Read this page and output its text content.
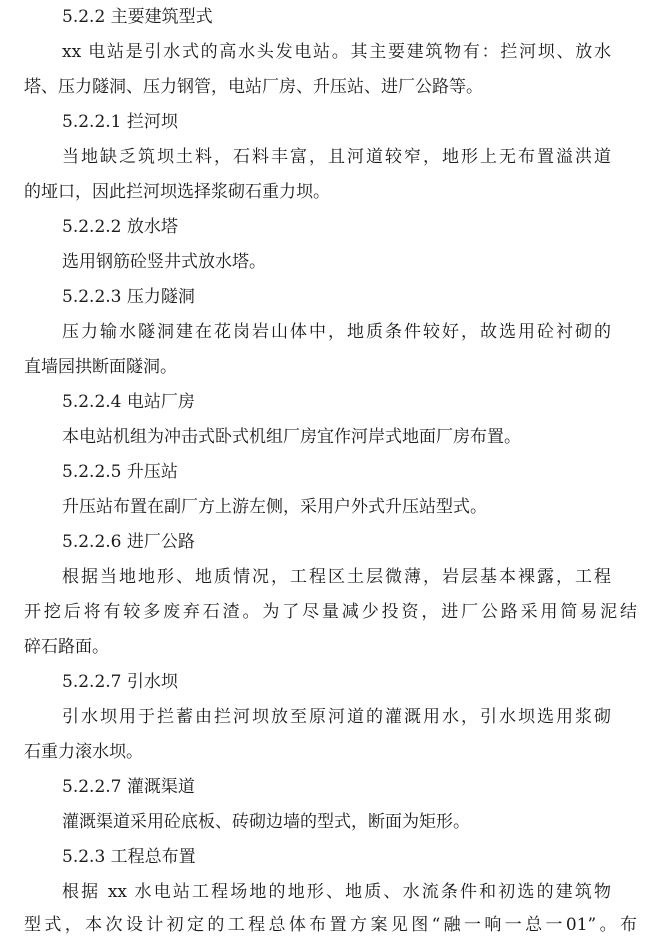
5.2.2 主要建筑型式
xx 电站是引水式的高水头发电站。其主要建筑物有：拦河坝、放水
塔、压力隧洞、压力钢管，电站厂房、升压站、进厂公路等。
5.2.2.1 拦河坝
当地缺乏筑坝土料，石料丰富，且河道较窄，地形上无布置溢洪道
的垭口，因此拦河坝选择浆砌石重力坝。
5.2.2.2 放水塔
选用钢筋砼竖井式放水塔。
5.2.2.3 压力隧洞
压力输水隧洞建在花岗岩山体中，地质条件较好，故选用砼衬砌的
直墙园拱断面隧洞。
5.2.2.4 电站厂房
本电站机组为冲击式卧式机组厂房宜作河岸式地面厂房布置。
5.2.2.5 升压站
升压站布置在副厂方上游左侧，采用户外式升压站型式。
5.2.2.6 进厂公路
根据当地地形、地质情况，工程区土层微薄，岩层基本裸露，工程
开挖后将有较多废弃石渣。为了尽量减少投资，进厂公路采用简易泥结
碎石路面。
5.2.2.7 引水坝
引水坝用于拦蓄由拦河坝放至原河道的灌溉用水，引水坝选用浆砌
石重力滚水坝。
5.2.2.7 灌溉渠道
灌溉渠道采用砼底板、砖砌边墙的型式，断面为矩形。
5.2.3 工程总布置
根据 xx 水电站工程场地的地形、地质、水流条件和初选的建筑物
型式，本次设计初定的工程总体布置方案见图“融一响一总一01”。布
